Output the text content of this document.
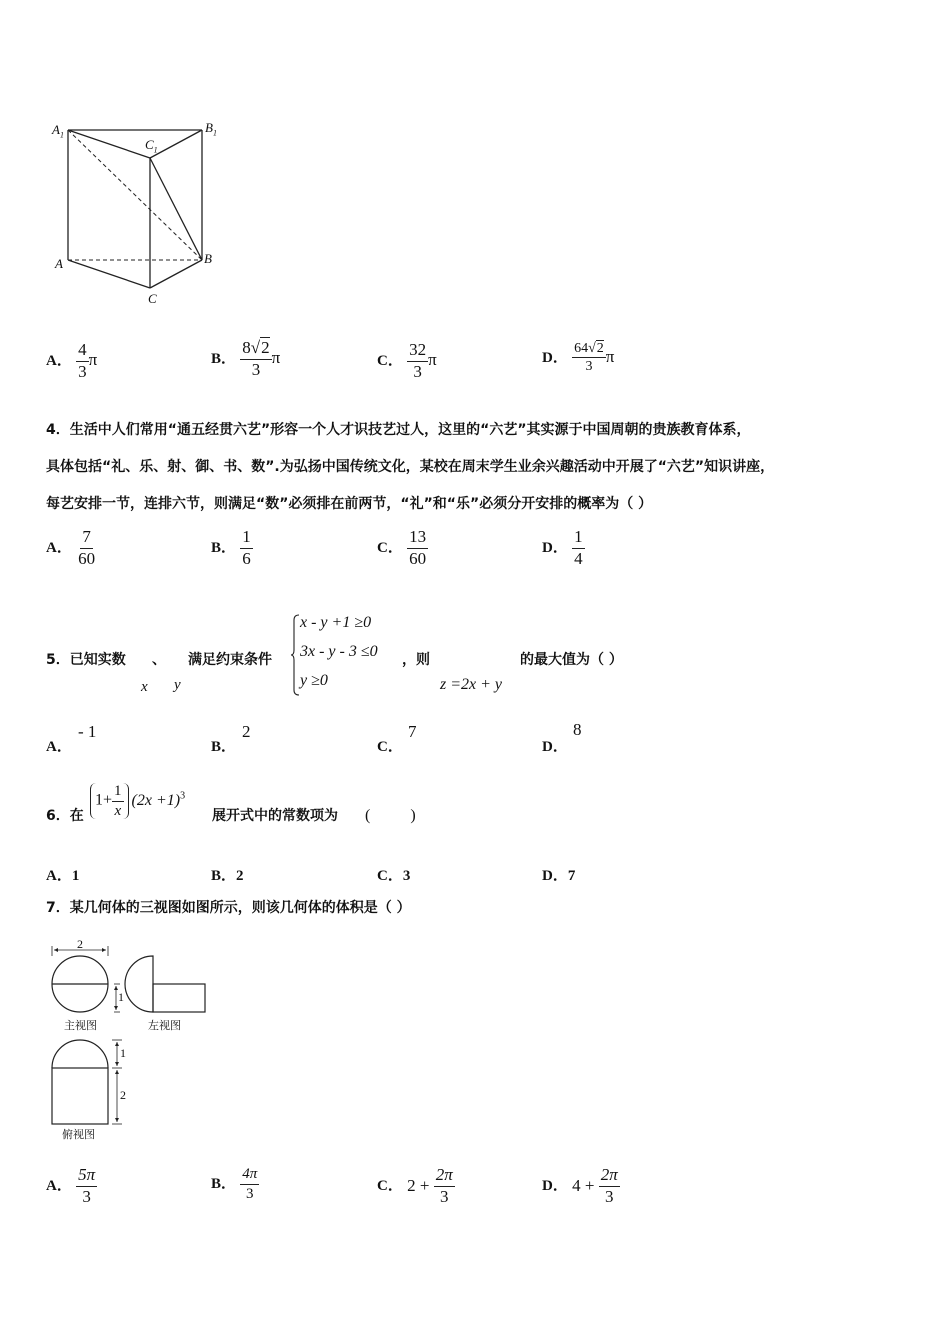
$A_1$
$B_1$
$C_1$
A	B
C
A． $\frac{4}{3}$ π	B． $\frac{8√2}{3}$ π	C． $\frac{32}{3}$ π	D． $\frac{64√2}{3}$ π
4．生活中人们常用“通五经贯六艺”形容一个人才识技艺过人，这里的“六艺”其实源于中国周朝的贵族教育体系，
具体包括“礼、乐、射、御、书、数”.为弘扬中国传统文化，某校在周末学生业余兴趣活动中开展了“六艺”知识讲座，
每艺安排一节，连排六节，则满足“数”必须排在前两节，“礼”和“乐”必须分开安排的概率为（ ）
A． $\frac{7}{60}$	B． $\frac{1}{6}$	C． $\frac{13}{60}$	D． $\frac{1}{4}$
5．已知实数 、 满足约束条件
x y
x - y +1 ≥0
3x - y - 3 ≤0
y ≥0
，则
z =2x + y
的最大值为（ ）
A．
- 1
B．
2
C．
7
D．
8
6．在
$1+ \frac{1}{x} (2x +1)^3$
展开式中的常数项为 (          )
A．1	B．2	C．3	D．7
7．某几何体的三视图如图所示，则该几何体的体积是（ ）
2
1
1
2
主视图	左视图
俯视图
A． $\frac{5\pi}{3}$	B． $\frac{4\pi}{3}$	C． $2 + \frac{2\pi}{3}$	D． $4 + \frac{2\pi}{3}$
